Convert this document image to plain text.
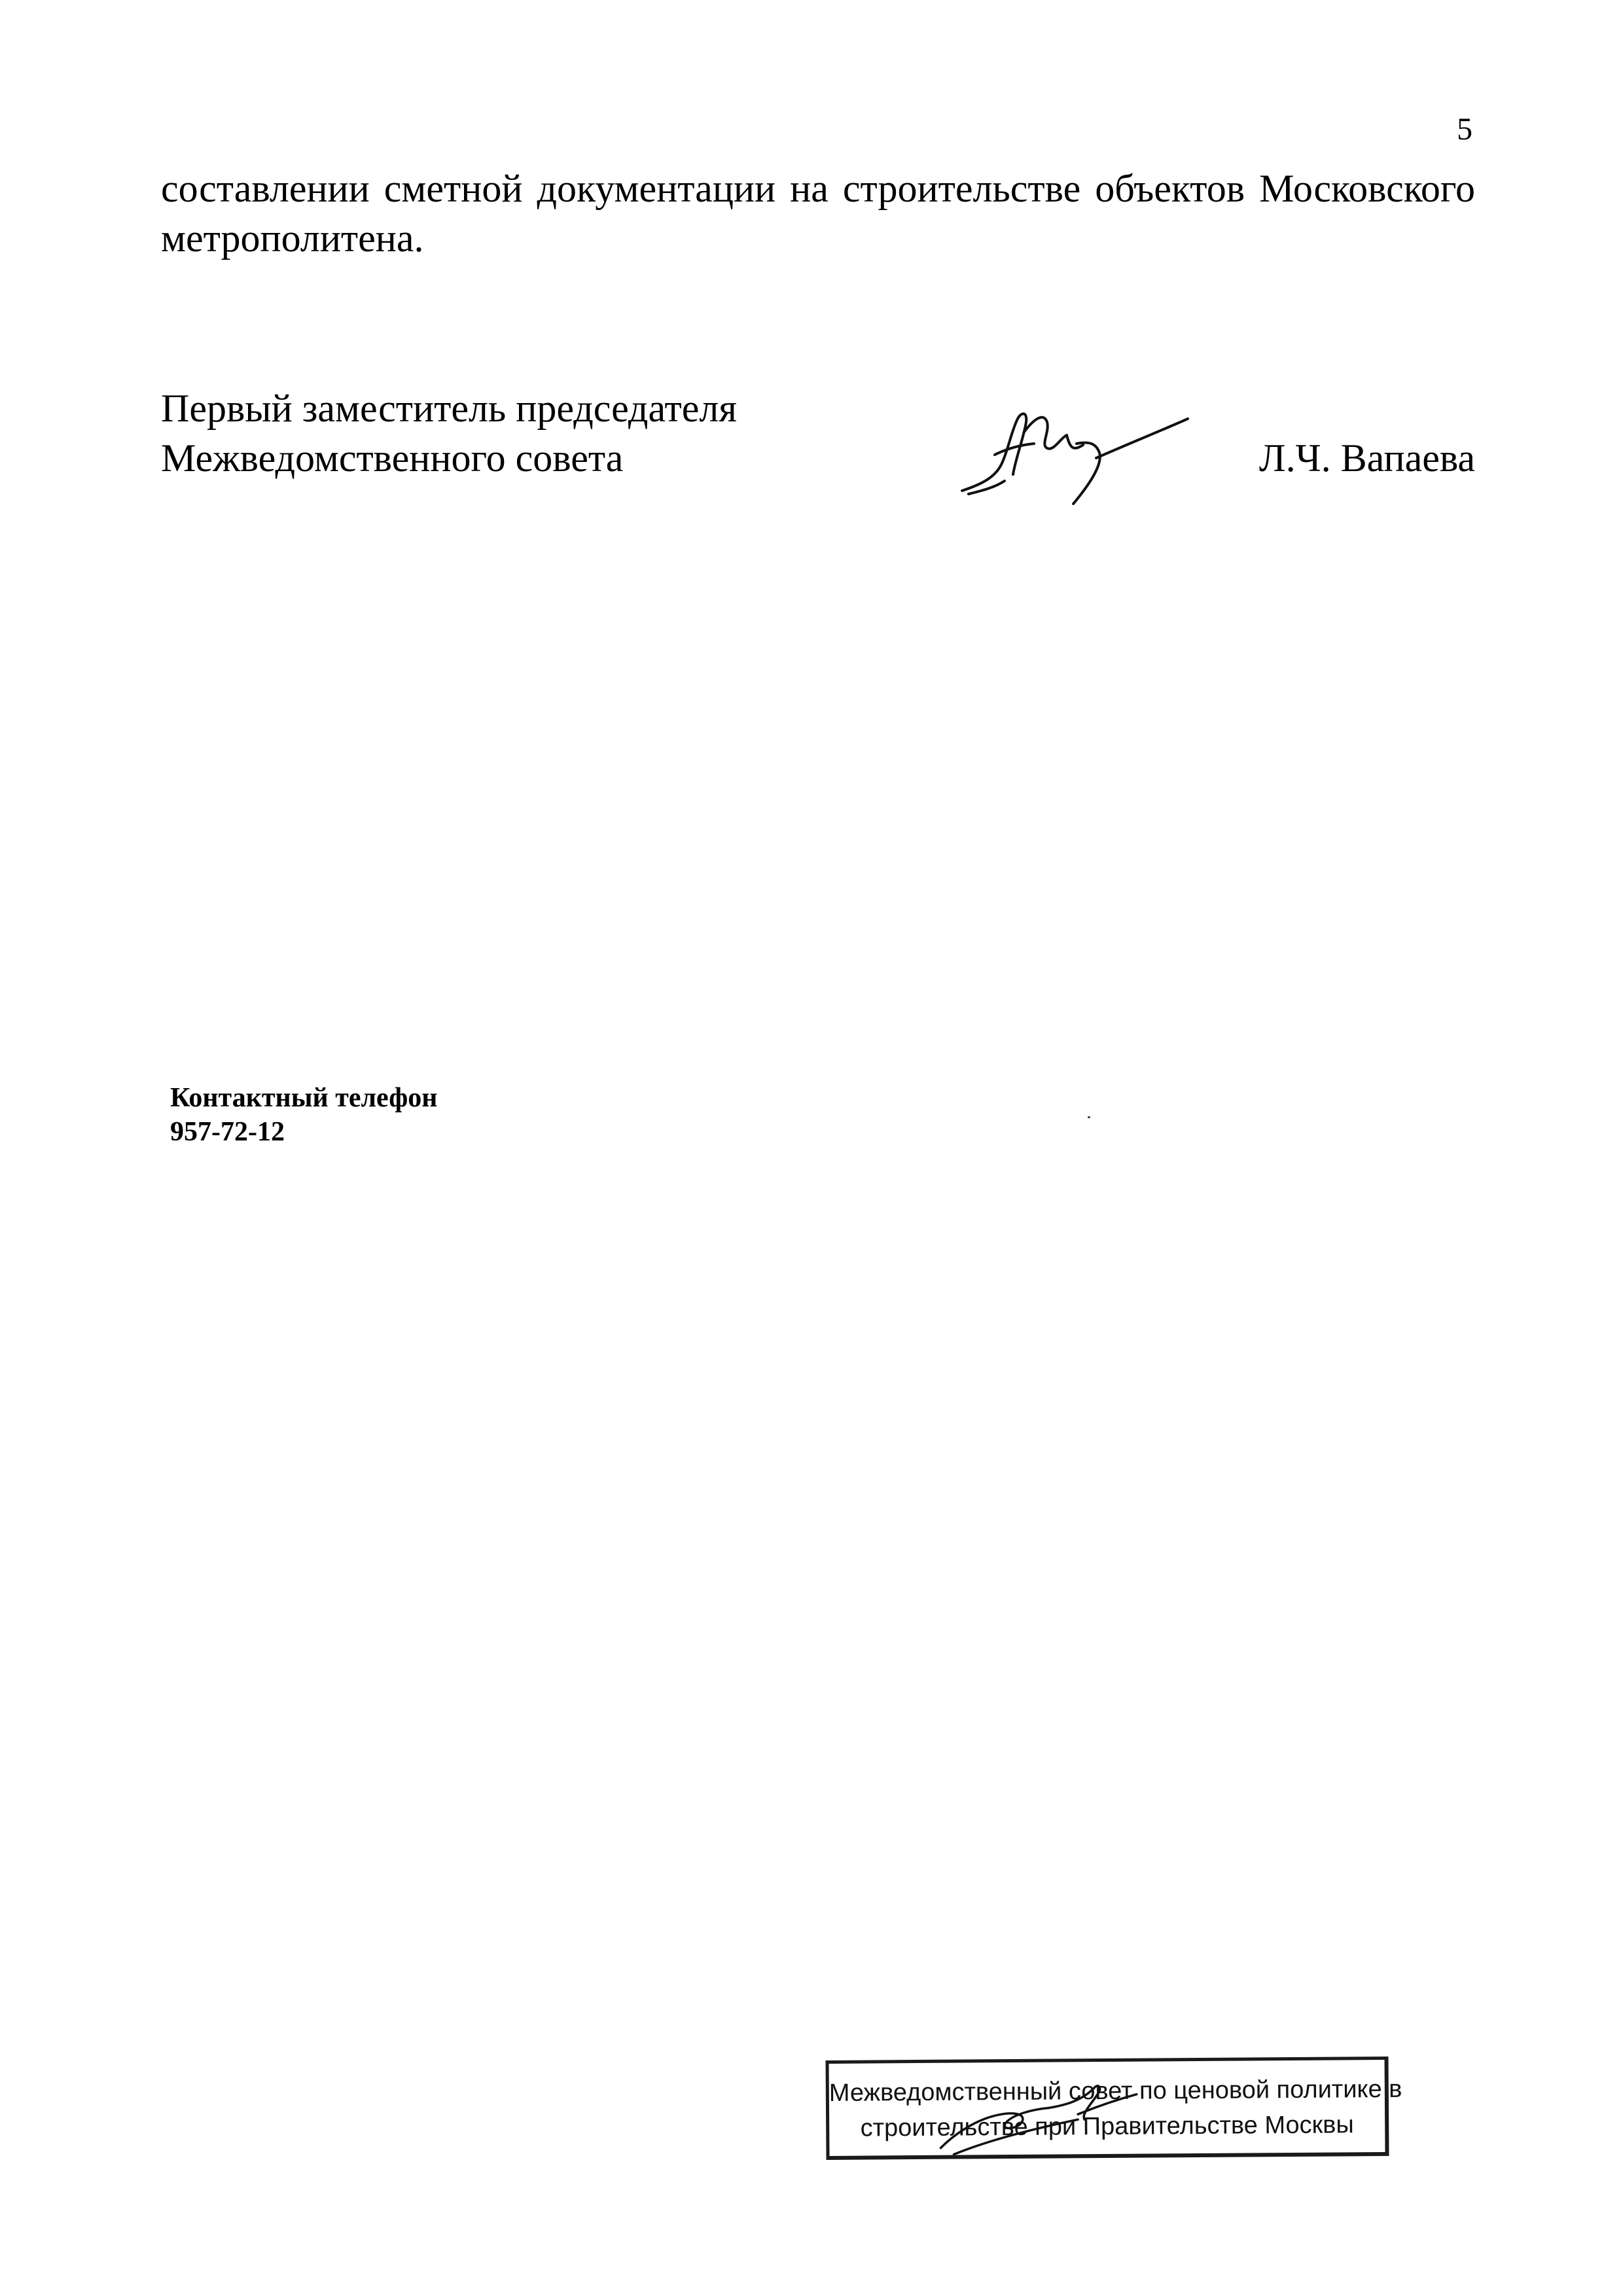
5
составлении сметной документации на строительстве объектов Московского
метрополитена.
Первый заместитель председателя
Межведомственного совета	Л.Ч. Вапаева
Контактный телефон
957-72-12
Межведомственный совет по ценовой политике в
строительстве при Правительстве Москвы
